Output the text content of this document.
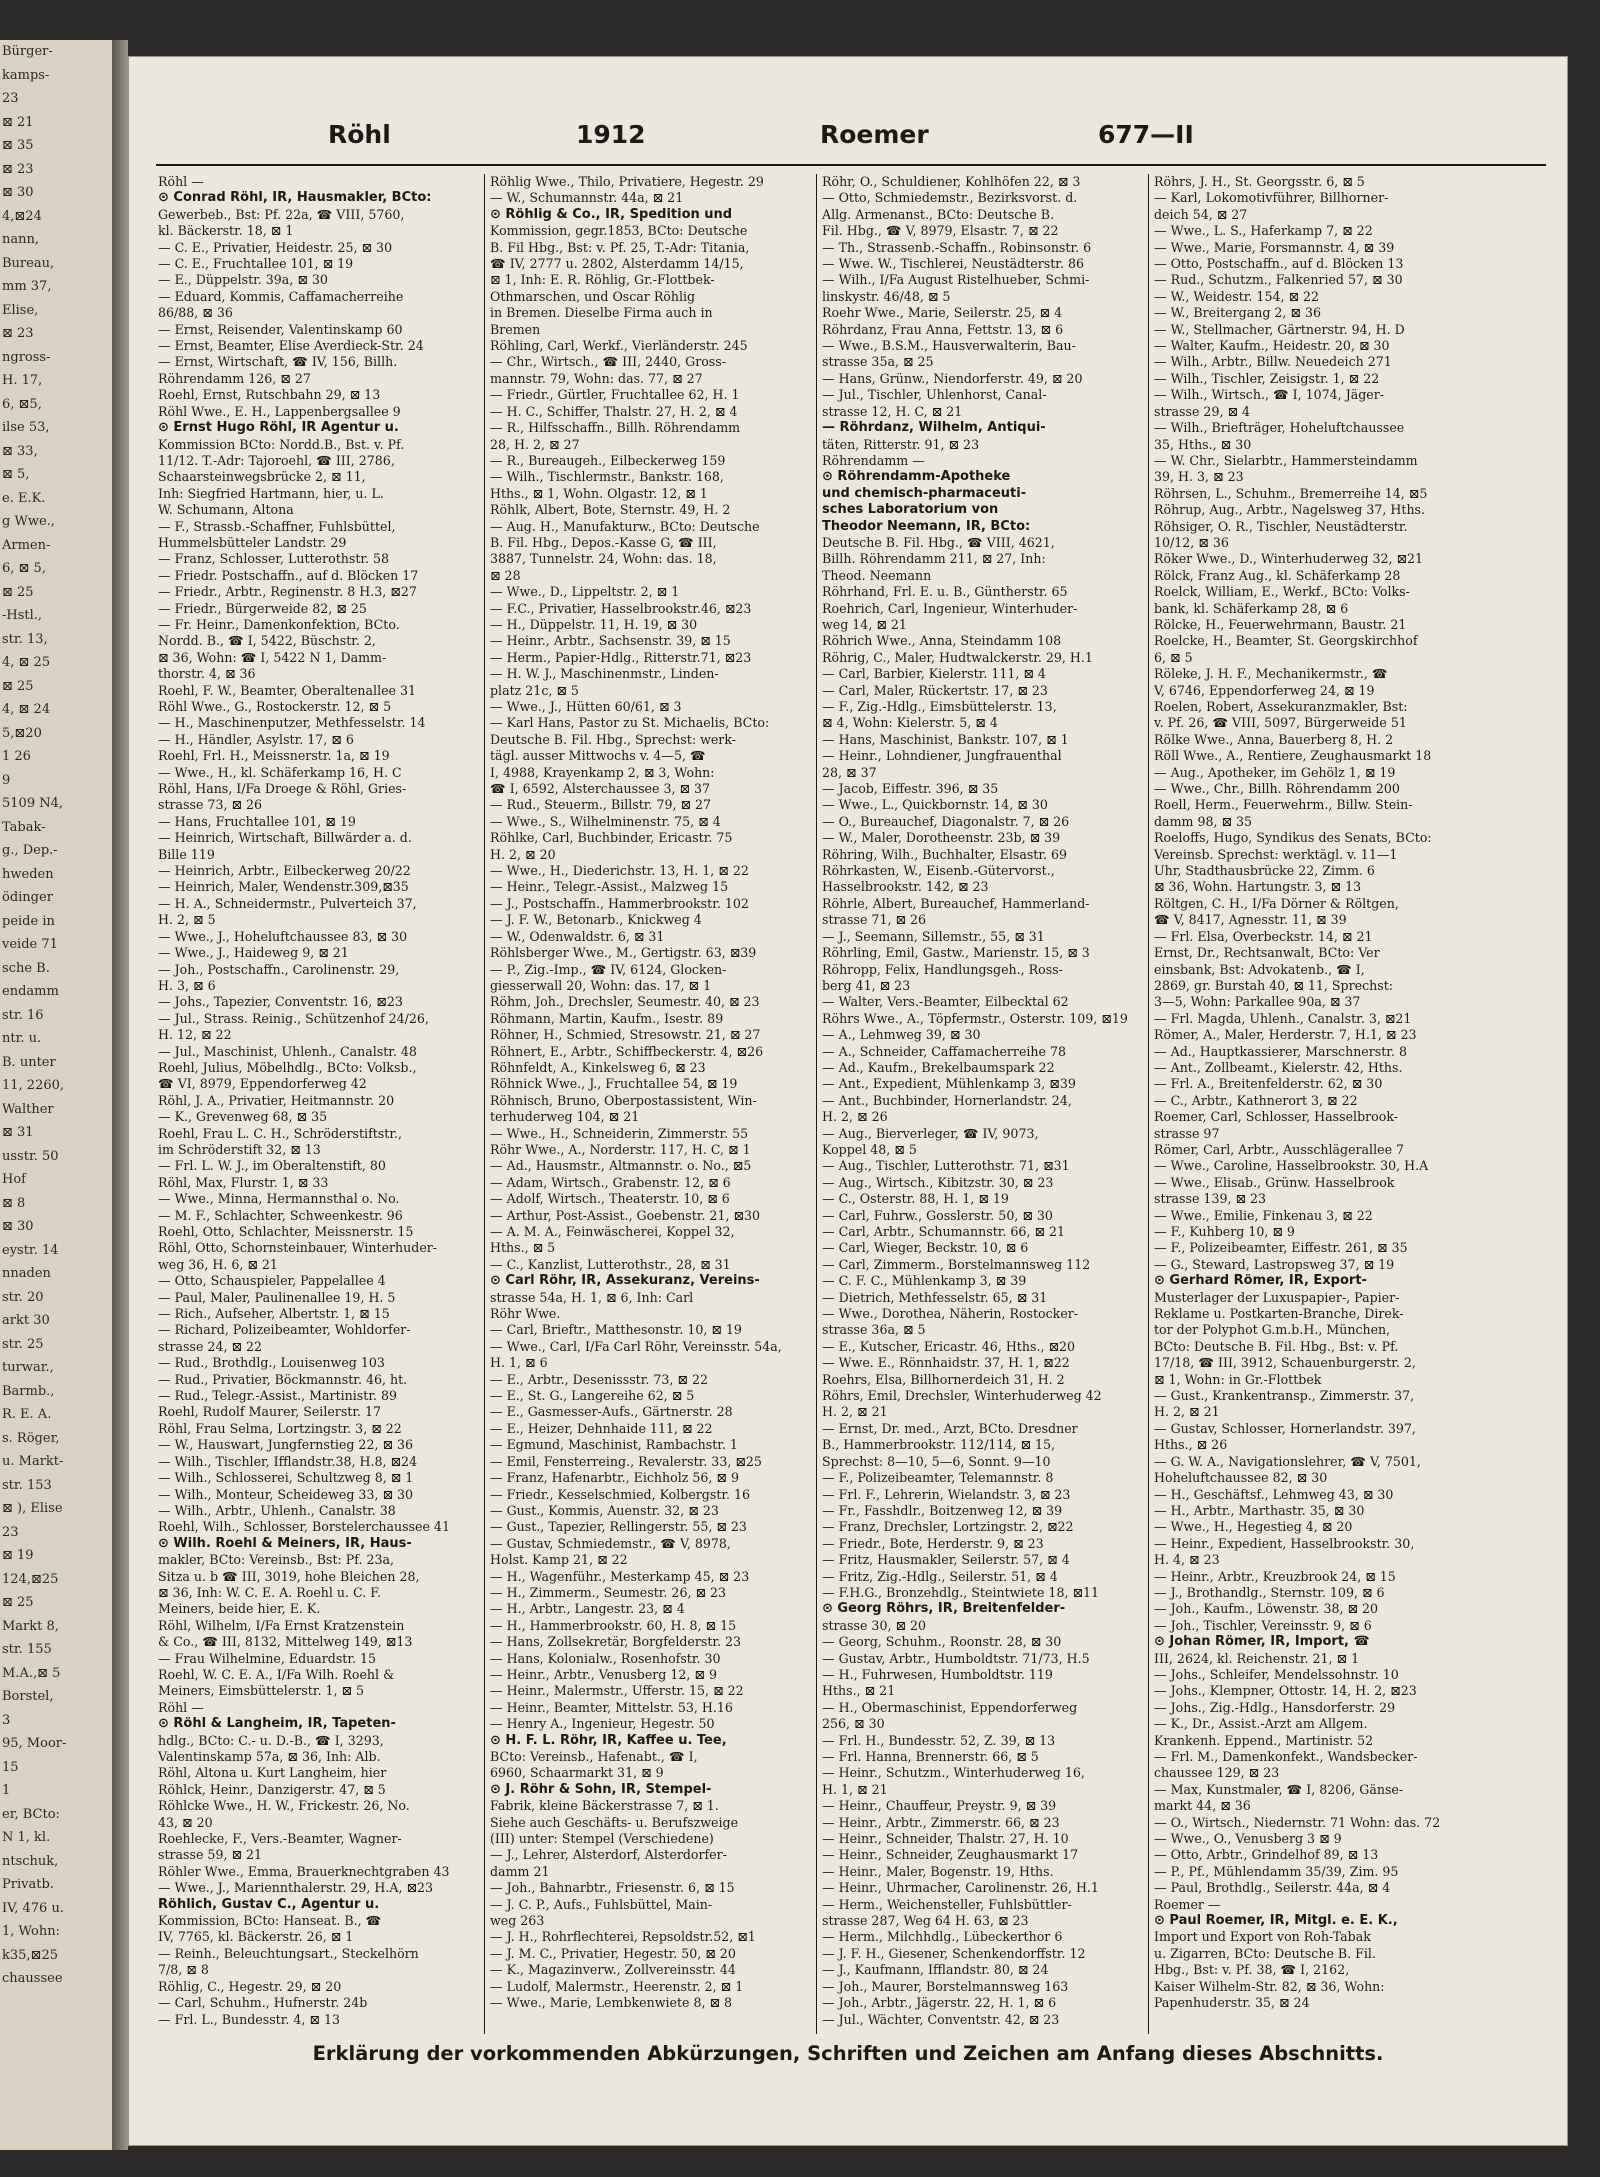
Bürger-
kamps-
23
⊠ 21
⊠ 35
⊠ 23
⊠ 30
4,⊠24
nann,
Bureau,
mm 37,
Elise,
⊠ 23
ngross-
H. 17,
6, ⊠5,
ilse 53,
⊠ 33,
⊠ 5,
e. E.K.
g Wwe.,
Armen-
6, ⊠ 5,
⊠ 25
-Hstl.,
str. 13,
4, ⊠ 25
⊠ 25
4, ⊠ 24
5,⊠20
1 26
9
5109 N4,
Tabak-
g., Dep.-
hweden
ödinger
peide in
veide 71
sche B.
endamm
str. 16
ntr. u.
B. unter
11, 2260,
Walther
⊠ 31
usstr. 50
Hof
⊠ 8
⊠ 30
eystr. 14
nnaden
str. 20
arkt 30
str. 25
turwar.,
Barmb.,
R. E. A.
s. Röger,
u. Markt-
str. 153
⊠ ), Elise
23
⊠ 19
124,⊠25
⊠ 25
Markt 8,
str. 155
M.A.,⊠ 5
Borstel,
3
95, Moor-
15
1
er, BCto:
N 1, kl.
ntschuk,
Privatb.
IV, 476 u.
1, Wohn:
k35,⊠25
chaussee
Röhl	1912	Roemer	677—II
Röhl —
⊙ Conrad Röhl, IR, Hausmakler, BCto:
Gewerbeb., Bst: Pf. 22a, ☎ VIII, 5760,
kl. Bäckerstr. 18, ⊠ 1
— C. E., Privatier, Heidestr. 25, ⊠ 30
— C. E., Fruchtallee 101, ⊠ 19
— E., Düppelstr. 39a, ⊠ 30
— Eduard, Kommis, Caffamacherreihe
86/88, ⊠ 36
— Ernst, Reisender, Valentinskamp 60
— Ernst, Beamter, Elise Averdieck-Str. 24
— Ernst, Wirtschaft, ☎ IV, 156, Billh.
Röhrendamm 126, ⊠ 27
Roehl, Ernst, Rutschbahn 29, ⊠ 13
Röhl Wwe., E. H., Lappenbergsallee 9
⊙ Ernst Hugo Röhl, IR Agentur u.
Kommission BCto: Nordd.B., Bst. v. Pf.
11/12. T.-Adr: Tajoroehl, ☎ III, 2786,
Schaarsteinwegsbrücke 2, ⊠ 11,
Inh: Siegfried Hartmann, hier, u. L.
W. Schumann, Altona
— F., Strassb.-Schaffner, Fuhlsbüttel,
Hummelsbütteler Landstr. 29
— Franz, Schlosser, Lutterothstr. 58
— Friedr. Postschaffn., auf d. Blöcken 17
— Friedr., Arbtr., Reginenstr. 8 H.3, ⊠27
— Friedr., Bürgerweide 82, ⊠ 25
— Fr. Heinr., Damenkonfektion, BCto.
Nordd. B., ☎ I, 5422, Büschstr. 2,
⊠ 36, Wohn: ☎ I, 5422 N 1, Damm-
thorstr. 4, ⊠ 36
Roehl, F. W., Beamter, Oberaltenallee 31
Röhl Wwe., G., Rostockerstr. 12, ⊠ 5
— H., Maschinenputzer, Methfesselstr. 14
— H., Händler, Asylstr. 17, ⊠ 6
Roehl, Frl. H., Meissnerstr. 1a, ⊠ 19
— Wwe., H., kl. Schäferkamp 16, H. C
Röhl, Hans, I/Fa Droege & Röhl, Gries-
strasse 73, ⊠ 26
— Hans, Fruchtallee 101, ⊠ 19
— Heinrich, Wirtschaft, Billwärder a. d.
Bille 119
— Heinrich, Arbtr., Eilbeckerweg 20/22
— Heinrich, Maler, Wendenstr.309,⊠35
— H. A., Schneidermstr., Pulverteich 37,
H. 2, ⊠ 5
— Wwe., J., Hoheluftchaussee 83, ⊠ 30
— Wwe., J., Haideweg 9, ⊠ 21
— Joh., Postschaffn., Carolinenstr. 29,
H. 3, ⊠ 6
— Johs., Tapezier, Conventstr. 16, ⊠23
— Jul., Strass. Reinig., Schützenhof 24/26,
H. 12, ⊠ 22
— Jul., Maschinist, Uhlenh., Canalstr. 48
Roehl, Julius, Möbelhdlg., BCto: Volksb.,
☎ VI, 8979, Eppendorferweg 42
Röhl, J. A., Privatier, Heitmannstr. 20
— K., Grevenweg 68, ⊠ 35
Roehl, Frau L. C. H., Schröderstiftstr.,
im Schröderstift 32, ⊠ 13
— Frl. L. W. J., im Oberaltenstift, 80
Röhl, Max, Flurstr. 1, ⊠ 33
— Wwe., Minna, Hermannsthal o. No.
— M. F., Schlachter, Schweenkestr. 96
Roehl, Otto, Schlachter, Meissnerstr. 15
Röhl, Otto, Schornsteinbauer, Winterhuder-
weg 36, H. 6, ⊠ 21
— Otto, Schauspieler, Pappelallee 4
— Paul, Maler, Paulinenallee 19, H. 5
— Rich., Aufseher, Albertstr. 1, ⊠ 15
— Richard, Polizeibeamter, Wohldorfer-
strasse 24, ⊠ 22
— Rud., Brothdlg., Louisenweg 103
— Rud., Privatier, Böckmannstr. 46, ht.
— Rud., Telegr.-Assist., Martinistr. 89
Roehl, Rudolf Maurer, Seilerstr. 17
Röhl, Frau Selma, Lortzingstr. 3, ⊠ 22
— W., Hauswart, Jungfernstieg 22, ⊠ 36
— Wilh., Tischler, Ifflandstr.38, H.8, ⊠24
— Wilh., Schlosserei, Schultzweg 8, ⊠ 1
— Wilh., Monteur, Scheideweg 33, ⊠ 30
— Wilh., Arbtr., Uhlenh., Canalstr. 38
Roehl, Wilh., Schlosser, Borstelerchaussee 41
⊙ Wilh. Roehl & Meiners, IR, Haus-
makler, BCto: Vereinsb., Bst: Pf. 23a,
Sitza u. b ☎ III, 3019, hohe Bleichen 28,
⊠ 36, Inh: W. C. E. A. Roehl u. C. F.
Meiners, beide hier, E. K.
Röhl, Wilhelm, I/Fa Ernst Kratzenstein
& Co., ☎ III, 8132, Mittelweg 149, ⊠13
— Frau Wilhelmine, Eduardstr. 15
Roehl, W. C. E. A., I/Fa Wilh. Roehl &
Meiners, Eimsbüttelerstr. 1, ⊠ 5
Röhl —
⊙ Röhl & Langheim, IR, Tapeten-
hdlg., BCto: C.- u. D.-B., ☎ I, 3293,
Valentinskamp 57a, ⊠ 36, Inh: Alb.
Röhl, Altona u. Kurt Langheim, hier
Röhlck, Heinr., Danzigerstr. 47, ⊠ 5
Röhlcke Wwe., H. W., Frickestr. 26, No.
43, ⊠ 20
Roehlecke, F., Vers.-Beamter, Wagner-
strasse 59, ⊠ 21
Röhler Wwe., Emma, Brauerknechtgraben 43
— Wwe., J., Mariennthalerstr. 29, H.A, ⊠23
Röhlich, Gustav C., Agentur u.
Kommission, BCto: Hanseat. B., ☎
IV, 7765, kl. Bäckerstr. 26, ⊠ 1
— Reinh., Beleuchtungsart., Steckelhörn
7/8, ⊠ 8
Röhlig, C., Hegestr. 29, ⊠ 20
— Carl, Schuhm., Hufnerstr. 24b
— Frl. L., Bundesstr. 4, ⊠ 13
Röhlig Wwe., Thilo, Privatiere, Hegestr. 29
— W., Schumannstr. 44a, ⊠ 21
⊙ Röhlig & Co., IR, Spedition und
Kommission, gegr.1853, BCto: Deutsche
B. Fil Hbg., Bst: v. Pf. 25, T.-Adr: Titania,
☎ IV, 2777 u. 2802, Alsterdamm 14/15,
⊠ 1, Inh: E. R. Röhlig, Gr.-Flottbek-
Othmarschen, und Oscar Röhlig
in Bremen. Dieselbe Firma auch in
Bremen
Röhling, Carl, Werkf., Vierländerstr. 245
— Chr., Wirtsch., ☎ III, 2440, Gross-
mannstr. 79, Wohn: das. 77, ⊠ 27
— Friedr., Gürtler, Fruchtallee 62, H. 1
— H. C., Schiffer, Thalstr. 27, H. 2, ⊠ 4
— R., Hilfsschaffn., Billh. Röhrendamm
28, H. 2, ⊠ 27
— R., Bureaugeh., Eilbeckerweg 159
— Wilh., Tischlermstr., Bankstr. 168,
Hths., ⊠ 1, Wohn. Olgastr. 12, ⊠ 1
Röhlk, Albert, Bote, Sternstr. 49, H. 2
— Aug. H., Manufakturw., BCto: Deutsche
B. Fil. Hbg., Depos.-Kasse G, ☎ III,
3887, Tunnelstr. 24, Wohn: das. 18,
⊠ 28
— Wwe., D., Lippeltstr. 2, ⊠ 1
— F.C., Privatier, Hasselbrookstr.46, ⊠23
— H., Düppelstr. 11, H. 19, ⊠ 30
— Heinr., Arbtr., Sachsenstr. 39, ⊠ 15
— Herm., Papier-Hdlg., Ritterstr.71, ⊠23
— H. W. J., Maschinenmstr., Linden-
platz 21c, ⊠ 5
— Wwe., J., Hütten 60/61, ⊠ 3
— Karl Hans, Pastor zu St. Michaelis, BCto:
Deutsche B. Fil. Hbg., Sprechst: werk-
tägl. ausser Mittwochs v. 4—5, ☎
I, 4988, Krayenkamp 2, ⊠ 3, Wohn:
☎ I, 6592, Alsterchaussee 3, ⊠ 37
— Rud., Steuerm., Billstr. 79, ⊠ 27
— Wwe., S., Wilhelminenstr. 75, ⊠ 4
Röhlke, Carl, Buchbinder, Ericastr. 75
H. 2, ⊠ 20
— Wwe., H., Diederichstr. 13, H. 1, ⊠ 22
— Heinr., Telegr.-Assist., Malzweg 15
— J., Postschaffn., Hammerbrookstr. 102
— J. F. W., Betonarb., Knickweg 4
— W., Odenwaldstr. 6, ⊠ 31
Röhlsberger Wwe., M., Gertigstr. 63, ⊠39
— P., Zig.-Imp., ☎ IV, 6124, Glocken-
giesserwall 20, Wohn: das. 17, ⊠ 1
Röhm, Joh., Drechsler, Seumestr. 40, ⊠ 23
Röhmann, Martin, Kaufm., Isestr. 89
Röhner, H., Schmied, Stresowstr. 21, ⊠ 27
Röhnert, E., Arbtr., Schiffbeckerstr. 4, ⊠26
Röhnfeldt, A., Kinkelsweg 6, ⊠ 23
Röhnick Wwe., J., Fruchtallee 54, ⊠ 19
Röhnisch, Bruno, Oberpostassistent, Win-
terhuderweg 104, ⊠ 21
— Wwe., H., Schneiderin, Zimmerstr. 55
Röhr Wwe., A., Norderstr. 117, H. C, ⊠ 1
— Ad., Hausmstr., Altmannstr. o. No., ⊠5
— Adam, Wirtsch., Grabenstr. 12, ⊠ 6
— Adolf, Wirtsch., Theaterstr. 10, ⊠ 6
— Arthur, Post-Assist., Goebenstr. 21, ⊠30
— A. M. A., Feinwäscherei, Koppel 32,
Hths., ⊠ 5
— C., Kanzlist, Lutterothstr., 28, ⊠ 31
⊙ Carl Röhr, IR, Assekuranz, Vereins-
strasse 54a, H. 1, ⊠ 6, Inh: Carl
Röhr Wwe.
— Carl, Brieftr., Matthesonstr. 10, ⊠ 19
— Wwe., Carl, I/Fa Carl Röhr, Vereinsstr. 54a,
H. 1, ⊠ 6
— E., Arbtr., Desenissstr. 73, ⊠ 22
— E., St. G., Langereihe 62, ⊠ 5
— E., Gasmesser-Aufs., Gärtnerstr. 28
— E., Heizer, Dehnhaide 111, ⊠ 22
— Egmund, Maschinist, Rambachstr. 1
— Emil, Fensterreing., Revalerstr. 33, ⊠25
— Franz, Hafenarbtr., Eichholz 56, ⊠ 9
— Friedr., Kesselschmied, Kolbergstr. 16
— Gust., Kommis, Auenstr. 32, ⊠ 23
— Gust., Tapezier, Rellingerstr. 55, ⊠ 23
— Gustav, Schmiedemstr., ☎ V, 8978,
Holst. Kamp 21, ⊠ 22
— H., Wagenführ., Mesterkamp 45, ⊠ 23
— H., Zimmerm., Seumestr. 26, ⊠ 23
— H., Arbtr., Langestr. 23, ⊠ 4
— H., Hammerbrookstr. 60, H. 8, ⊠ 15
— Hans, Zollsekretär, Borgfelderstr. 23
— Hans, Kolonialw., Rosenhofstr. 30
— Heinr., Arbtr., Venusberg 12, ⊠ 9
— Heinr., Malermstr., Ufferstr. 15, ⊠ 22
— Heinr., Beamter, Mittelstr. 53, H.16
— Henry A., Ingenieur, Hegestr. 50
⊙ H. F. L. Röhr, IR, Kaffee u. Tee,
BCto: Vereinsb., Hafenabt., ☎ I,
6960, Schaarmarkt 31, ⊠ 9
⊙ J. Röhr & Sohn, IR, Stempel-
Fabrik, kleine Bäckerstrasse 7, ⊠ 1.
Siehe auch Geschäfts- u. Berufszweige
(III) unter: Stempel (Verschiedene)
— J., Lehrer, Alsterdorf, Alsterdorfer-
damm 21
— Joh., Bahnarbtr., Friesenstr. 6, ⊠ 15
— J. C. P., Aufs., Fuhlsbüttel, Main-
weg 263
— J. H., Rohrflechterei, Repsoldstr.52, ⊠1
— J. M. C., Privatier, Hegestr. 50, ⊠ 20
— K., Magazinverw., Zollvereinsstr. 44
— Ludolf, Malermstr., Heerenstr. 2, ⊠ 1
— Wwe., Marie, Lembkenwiete 8, ⊠ 8
Röhr, O., Schuldiener, Kohlhöfen 22, ⊠ 3
— Otto, Schmiedemstr., Bezirksvorst. d.
Allg. Armenanst., BCto: Deutsche B.
Fil. Hbg., ☎ V, 8979, Elsastr. 7, ⊠ 22
— Th., Strassenb.-Schaffn., Robinsonstr. 6
— Wwe. W., Tischlerei, Neustädterstr. 86
— Wilh., I/Fa August Ristelhueber, Schmi-
linskystr. 46/48, ⊠ 5
Roehr Wwe., Marie, Seilerstr. 25, ⊠ 4
Röhrdanz, Frau Anna, Fettstr. 13, ⊠ 6
— Wwe., B.S.M., Hausverwalterin, Bau-
strasse 35a, ⊠ 25
— Hans, Grünw., Niendorferstr. 49, ⊠ 20
— Jul., Tischler, Uhlenhorst, Canal-
strasse 12, H. C, ⊠ 21
— Röhrdanz, Wilhelm, Antiqui-
täten, Ritterstr. 91, ⊠ 23
Röhrendamm —
⊙ Röhrendamm-Apotheke
und chemisch-pharmaceuti-
sches Laboratorium von
Theodor Neemann, IR, BCto:
Deutsche B. Fil. Hbg., ☎ VIII, 4621,
Billh. Röhrendamm 211, ⊠ 27, Inh:
Theod. Neemann
Röhrhand, Frl. E. u. B., Güntherstr. 65
Roehrich, Carl, Ingenieur, Winterhuder-
weg 14, ⊠ 21
Röhrich Wwe., Anna, Steindamm 108
Röhrig, C., Maler, Hudtwalckerstr. 29, H.1
— Carl, Barbier, Kielerstr. 111, ⊠ 4
— Carl, Maler, Rückertstr. 17, ⊠ 23
— F., Zig.-Hdlg., Eimsbüttelerstr. 13,
⊠ 4, Wohn: Kielerstr. 5, ⊠ 4
— Hans, Maschinist, Bankstr. 107, ⊠ 1
— Heinr., Lohndiener, Jungfrauenthal
28, ⊠ 37
— Jacob, Eiffestr. 396, ⊠ 35
— Wwe., L., Quickbornstr. 14, ⊠ 30
— O., Bureauchef, Diagonalstr. 7, ⊠ 26
— W., Maler, Dorotheenstr. 23b, ⊠ 39
Röhring, Wilh., Buchhalter, Elsastr. 69
Röhrkasten, W., Eisenb.-Gütervorst.,
Hasselbrookstr. 142, ⊠ 23
Röhrle, Albert, Bureauchef, Hammerland-
strasse 71, ⊠ 26
— J., Seemann, Sillemstr., 55, ⊠ 31
Röhrling, Emil, Gastw., Marienstr. 15, ⊠ 3
Röhropp, Felix, Handlungsgeh., Ross-
berg 41, ⊠ 23
— Walter, Vers.-Beamter, Eilbecktal 62
Röhrs Wwe., A., Töpfermstr., Osterstr. 109, ⊠19
— A., Lehmweg 39, ⊠ 30
— A., Schneider, Caffamacherreihe 78
— Ad., Kaufm., Brekelbaumspark 22
— Ant., Expedient, Mühlenkamp 3, ⊠39
— Ant., Buchbinder, Hornerlandstr. 24,
H. 2, ⊠ 26
— Aug., Bierverleger, ☎ IV, 9073,
Koppel 48, ⊠ 5
— Aug., Tischler, Lutterothstr. 71, ⊠31
— Aug., Wirtsch., Kibitzstr. 30, ⊠ 23
— C., Osterstr. 88, H. 1, ⊠ 19
— Carl, Fuhrw., Gosslerstr. 50, ⊠ 30
— Carl, Arbtr., Schumannstr. 66, ⊠ 21
— Carl, Wieger, Beckstr. 10, ⊠ 6
— Carl, Zimmerm., Borstelmannsweg 112
— C. F. C., Mühlenkamp 3, ⊠ 39
— Dietrich, Methfesselstr. 65, ⊠ 31
— Wwe., Dorothea, Näherin, Rostocker-
strasse 36a, ⊠ 5
— E., Kutscher, Ericastr. 46, Hths., ⊠20
— Wwe. E., Rönnhaidstr. 37, H. 1, ⊠22
Roehrs, Elsa, Billhornerdeich 31, H. 2
Röhrs, Emil, Drechsler, Winterhuderweg 42
H. 2, ⊠ 21
— Ernst, Dr. med., Arzt, BCto. Dresdner
B., Hammerbrookstr. 112/114, ⊠ 15,
Sprechst: 8—10, 5—6, Sonnt. 9—10
— F., Polizeibeamter, Telemannstr. 8
— Frl. F., Lehrerin, Wielandstr. 3, ⊠ 23
— Fr., Fasshdlr., Boitzenweg 12, ⊠ 39
— Franz, Drechsler, Lortzingstr. 2, ⊠22
— Friedr., Bote, Herderstr. 9, ⊠ 23
— Fritz, Hausmakler, Seilerstr. 57, ⊠ 4
— Fritz, Zig.-Hdlg., Seilerstr. 51, ⊠ 4
— F.H.G., Bronzehdlg., Steintwiete 18, ⊠11
⊙ Georg Röhrs, IR, Breitenfelder-
strasse 30, ⊠ 20
— Georg, Schuhm., Roonstr. 28, ⊠ 30
— Gustav, Arbtr., Humboldtstr. 71/73, H.5
— H., Fuhrwesen, Humboldtstr. 119
Hths., ⊠ 21
— H., Obermaschinist, Eppendorferweg
256, ⊠ 30
— Frl. H., Bundesstr. 52, Z. 39, ⊠ 13
— Frl. Hanna, Brennerstr. 66, ⊠ 5
— Heinr., Schutzm., Winterhuderweg 16,
H. 1, ⊠ 21
— Heinr., Chauffeur, Preystr. 9, ⊠ 39
— Heinr., Arbtr., Zimmerstr. 66, ⊠ 23
— Heinr., Schneider, Thalstr. 27, H. 10
— Heinr., Schneider, Zeughausmarkt 17
— Heinr., Maler, Bogenstr. 19, Hths.
— Heinr., Uhrmacher, Carolinenstr. 26, H.1
— Herm., Weichensteller, Fuhlsbüttler-
strasse 287, Weg 64 H. 63, ⊠ 23
— Herm., Milchhdlg., Lübeckerthor 6
— J. F. H., Giesener, Schenkendorffstr. 12
— J., Kaufmann, Ifflandstr. 80, ⊠ 24
— Joh., Maurer, Borstelmannsweg 163
— Joh., Arbtr., Jägerstr. 22, H. 1, ⊠ 6
— Jul., Wächter, Conventstr. 42, ⊠ 23
Röhrs, J. H., St. Georgsstr. 6, ⊠ 5
— Karl, Lokomotivführer, Billhorner-
deich 54, ⊠ 27
— Wwe., L. S., Haferkamp 7, ⊠ 22
— Wwe., Marie, Forsmannstr. 4, ⊠ 39
— Otto, Postschaffn., auf d. Blöcken 13
— Rud., Schutzm., Falkenried 57, ⊠ 30
— W., Weidestr. 154, ⊠ 22
— W., Breitergang 2, ⊠ 36
— W., Stellmacher, Gärtnerstr. 94, H. D
— Walter, Kaufm., Heidestr. 20, ⊠ 30
— Wilh., Arbtr., Billw. Neuedeich 271
— Wilh., Tischler, Zeisigstr. 1, ⊠ 22
— Wilh., Wirtsch., ☎ I, 1074, Jäger-
strasse 29, ⊠ 4
— Wilh., Briefträger, Hoheluftchaussee
35, Hths., ⊠ 30
— W. Chr., Sielarbtr., Hammersteindamm
39, H. 3, ⊠ 23
Röhrsen, L., Schuhm., Bremerreihe 14, ⊠5
Röhrup, Aug., Arbtr., Nagelsweg 37, Hths.
Röhsiger, O. R., Tischler, Neustädterstr.
10/12, ⊠ 36
Röker Wwe., D., Winterhuderweg 32, ⊠21
Rölck, Franz Aug., kl. Schäferkamp 28
Roelck, William, E., Werkf., BCto: Volks-
bank, kl. Schäferkamp 28, ⊠ 6
Rölcke, H., Feuerwehrmann, Baustr. 21
Roelcke, H., Beamter, St. Georgskirchhof
6, ⊠ 5
Röleke, J. H. F., Mechanikermstr., ☎
V, 6746, Eppendorferweg 24, ⊠ 19
Roelen, Robert, Assekuranzmakler, Bst:
v. Pf. 26, ☎ VIII, 5097, Bürgerweide 51
Rölke Wwe., Anna, Bauerberg 8, H. 2
Röll Wwe., A., Rentiere, Zeughausmarkt 18
— Aug., Apotheker, im Gehölz 1, ⊠ 19
— Wwe., Chr., Billh. Röhrendamm 200
Roell, Herm., Feuerwehrm., Billw. Stein-
damm 98, ⊠ 35
Roeloffs, Hugo, Syndikus des Senats, BCto:
Vereinsb. Sprechst: werktägl. v. 11—1
Uhr, Stadthausbrücke 22, Zimm. 6
⊠ 36, Wohn. Hartungstr. 3, ⊠ 13
Röltgen, C. H., I/Fa Dörner & Röltgen,
☎ V, 8417, Agnesstr. 11, ⊠ 39
— Frl. Elsa, Overbeckstr. 14, ⊠ 21
Ernst, Dr., Rechtsanwalt, BCto: Ver
einsbank, Bst: Advokatenb., ☎ I,
2869, gr. Burstah 40, ⊠ 11, Sprechst:
3—5, Wohn: Parkallee 90a, ⊠ 37
— Frl. Magda, Uhlenh., Canalstr. 3, ⊠21
Römer, A., Maler, Herderstr. 7, H.1, ⊠ 23
— Ad., Hauptkassierer, Marschnerstr. 8
— Ant., Zollbeamt., Kielerstr. 42, Hths.
— Frl. A., Breitenfelderstr. 62, ⊠ 30
— C., Arbtr., Kathnerort 3, ⊠ 22
Roemer, Carl, Schlosser, Hasselbrook-
strasse 97
Römer, Carl, Arbtr., Ausschlägerallee 7
— Wwe., Caroline, Hasselbrookstr. 30, H.A
— Wwe., Elisab., Grünw. Hasselbrook
strasse 139, ⊠ 23
— Wwe., Emilie, Finkenau 3, ⊠ 22
— F., Kuhberg 10, ⊠ 9
— F., Polizeibeamter, Eiffestr. 261, ⊠ 35
— G., Steward, Lastropsweg 37, ⊠ 19
⊙ Gerhard Römer, IR, Export-
Musterlager der Luxuspapier-, Papier-
Reklame u. Postkarten-Branche, Direk-
tor der Polyphot G.m.b.H., München,
BCto: Deutsche B. Fil. Hbg., Bst: v. Pf.
17/18, ☎ III, 3912, Schauenburgerstr. 2,
⊠ 1, Wohn: in Gr.-Flottbek
— Gust., Krankentransp., Zimmerstr. 37,
H. 2, ⊠ 21
— Gustav, Schlosser, Hornerlandstr. 397,
Hths., ⊠ 26
— G. W. A., Navigationslehrer, ☎ V, 7501,
Hoheluftchaussee 82, ⊠ 30
— H., Geschäftsf., Lehmweg 43, ⊠ 30
— H., Arbtr., Marthastr. 35, ⊠ 30
— Wwe., H., Hegestieg 4, ⊠ 20
— Heinr., Expedient, Hasselbrookstr. 30,
H. 4, ⊠ 23
— Heinr., Arbtr., Kreuzbrook 24, ⊠ 15
— J., Brothandlg., Sternstr. 109, ⊠ 6
— Joh., Kaufm., Löwenstr. 38, ⊠ 20
— Joh., Tischler, Vereinsstr. 9, ⊠ 6
⊙ Johan Römer, IR, Import, ☎
III, 2624, kl. Reichenstr. 21, ⊠ 1
— Johs., Schleifer, Mendelssohnstr. 10
— Johs., Klempner, Ottostr. 14, H. 2, ⊠23
— Johs., Zig.-Hdlg., Hansdorferstr. 29
— K., Dr., Assist.-Arzt am Allgem.
Krankenh. Eppend., Martinistr. 52
— Frl. M., Damenkonfekt., Wandsbecker-
chaussee 129, ⊠ 23
— Max, Kunstmaler, ☎ I, 8206, Gänse-
markt 44, ⊠ 36
— O., Wirtsch., Niedernstr. 71 Wohn: das. 72
— Wwe., O., Venusberg 3 ⊠ 9
— Otto, Arbtr., Grindelhof 89, ⊠ 13
— P., Pf., Mühlendamm 35/39, Zim. 95
— Paul, Brothdlg., Seilerstr. 44a, ⊠ 4
Roemer —
⊙ Paul Roemer, IR, Mitgl. e. E. K.,
Import und Export von Roh-Tabak
u. Zigarren, BCto: Deutsche B. Fil.
Hbg., Bst: v. Pf. 38, ☎ I, 2162,
Kaiser Wilhelm-Str. 82, ⊠ 36, Wohn:
Papenhuderstr. 35, ⊠ 24
Erklärung der vorkommenden Abkürzungen, Schriften und Zeichen am Anfang dieses Abschnitts.
